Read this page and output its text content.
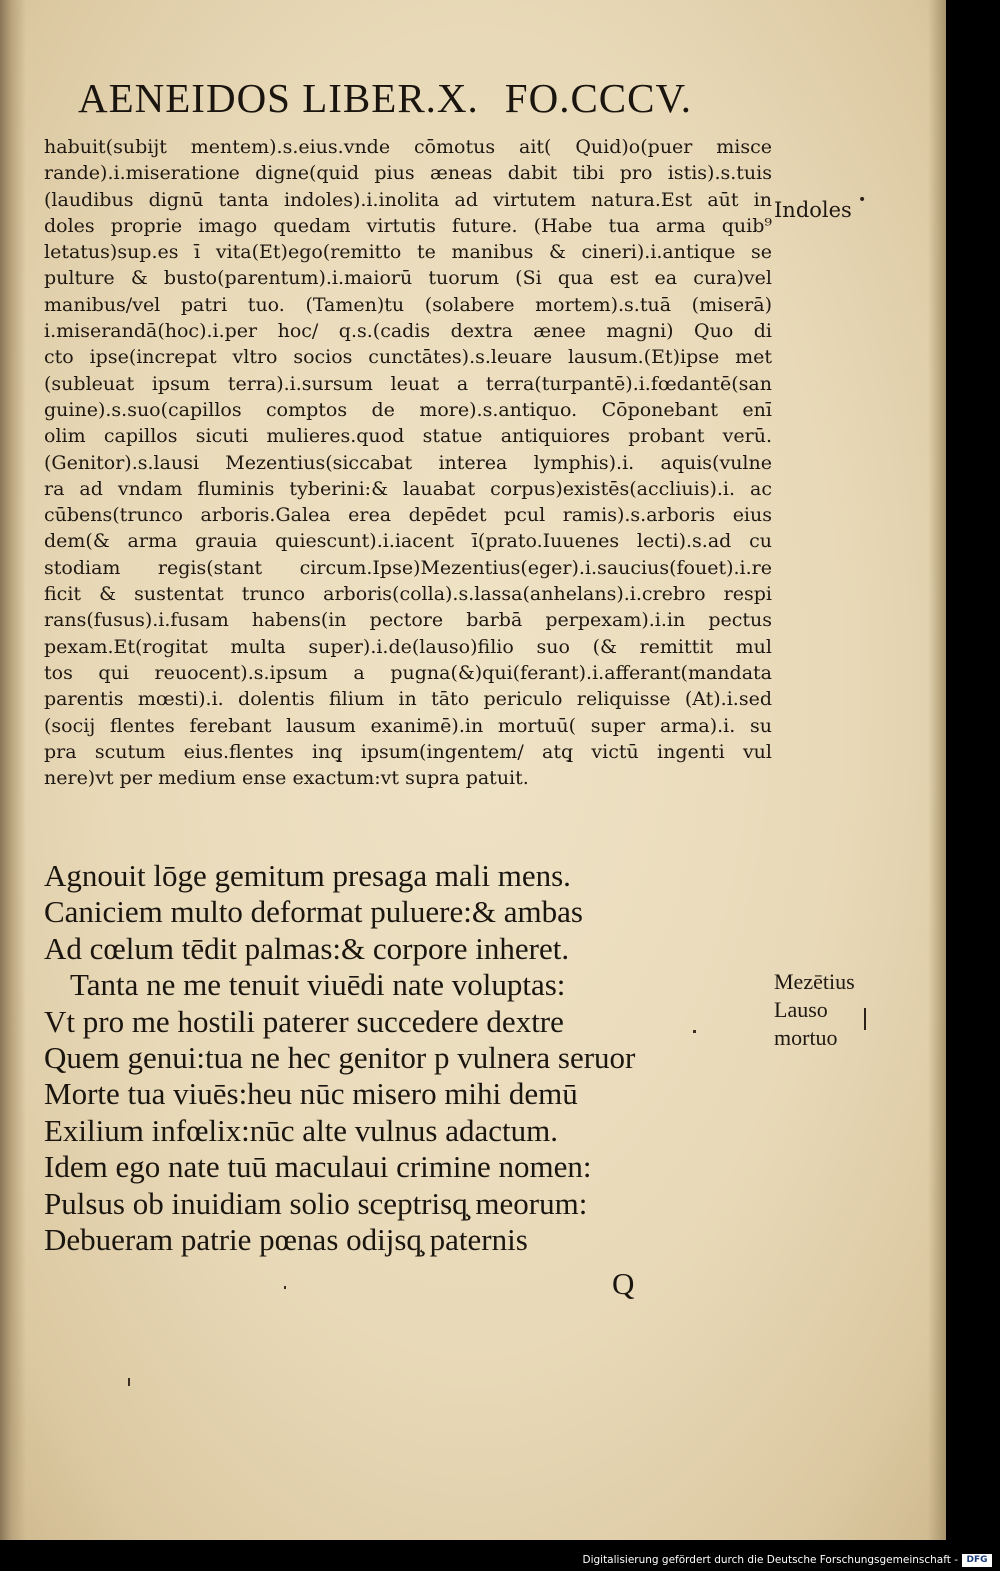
AENEIDOS LIBER.X. FO.CCCV.
habuit(subijt mentem).s.eius.vnde cōmotus ait( Quid)o(puer misce
rande).i.miseratione digne(quid pius æneas dabit tibi pro istis).s.tuis
(laudibus dignū tanta indoles).i.inolita ad virtutem natura.Est aūt in
doles proprie imago quedam virtutis future. (Habe tua arma quib⁹
letatus)sup.es ī vita(Et)ego(remitto te manibus & cineri).i.antique se
pulture & busto(parentum).i.maiorū tuorum (Si qua est ea cura)vel
manibus/vel patri tuo. (Tamen)tu (solabere mortem).s.tuā (miserā)
i.miserandā(hoc).i.per hoc/ q.s.(cadis dextra ænee magni) Quo di
cto ipse(increpat vltro socios cunctātes).s.leuare lausum.(Et)ipse met
(subleuat ipsum terra).i.sursum leuat a terra(turpantē).i.fœdantē(san
guine).s.suo(capillos comptos de more).s.antiquo. Cōponebant enī
olim capillos sicuti mulieres.quod statue antiquiores probant verū.
(Genitor).s.lausi Mezentius(siccabat interea lymphis).i. aquis(vulne
ra ad vndam fluminis tyberini:& lauabat corpus)existēs(accliuis).i. ac
cūbens(trunco arboris.Galea erea depēdet pcul ramis).s.arboris eius
dem(& arma grauia quiescunt).i.iacent ī(prato.Iuuenes lecti).s.ad cu
stodiam regis(stant circum.Ipse)Mezentius(eger).i.saucius(fouet).i.re
ficit & sustentat trunco arboris(colla).s.lassa(anhelans).i.crebro respi
rans(fusus).i.fusam habens(in pectore barbā perpexam).i.in pectus
pexam.Et(rogitat multa super).i.de(lauso)filio suo (& remittit mul
tos qui reuocent).s.ipsum a pugna(&)qui(ferant).i.afferant(mandata
parentis mœsti).i. dolentis filium in tāto periculo reliquisse (At).i.sed
(socij flentes ferebant lausum exanimē).in mortuū( super arma).i. su
pra scutum eius.flentes inq̧ ipsum(ingentem/ atq̧ victū ingenti vul
nere)vt per medium ense exactum:vt supra patuit.
•
Indoles
Agnouit lōge gemitum presaga mali mens.
Caniciem multo deformat puluere:& ambas
Ad cœlum tēdit palmas:& corpore inheret.
Tanta ne me tenuit viuēdi nate voluptas:
Vt pro me hostili paterer succedere dextre
Quem genui:tua ne hec genitor p vulnera seruor
Morte tua viuēs:heu nūc misero mihi demū
Exilium infœlix:nūc alte vulnus adactum.
Idem ego nate tuū maculaui crimine nomen:
Pulsus ob inuidiam solio sceptrisq̧ meorum:
Debueram patrie pœnas odijsq̧ paternis
Mezētius
Lauso
mortuo
Q
Digitalisierung gefördert durch die Deutsche Forschungsgemeinschaft - DFG
